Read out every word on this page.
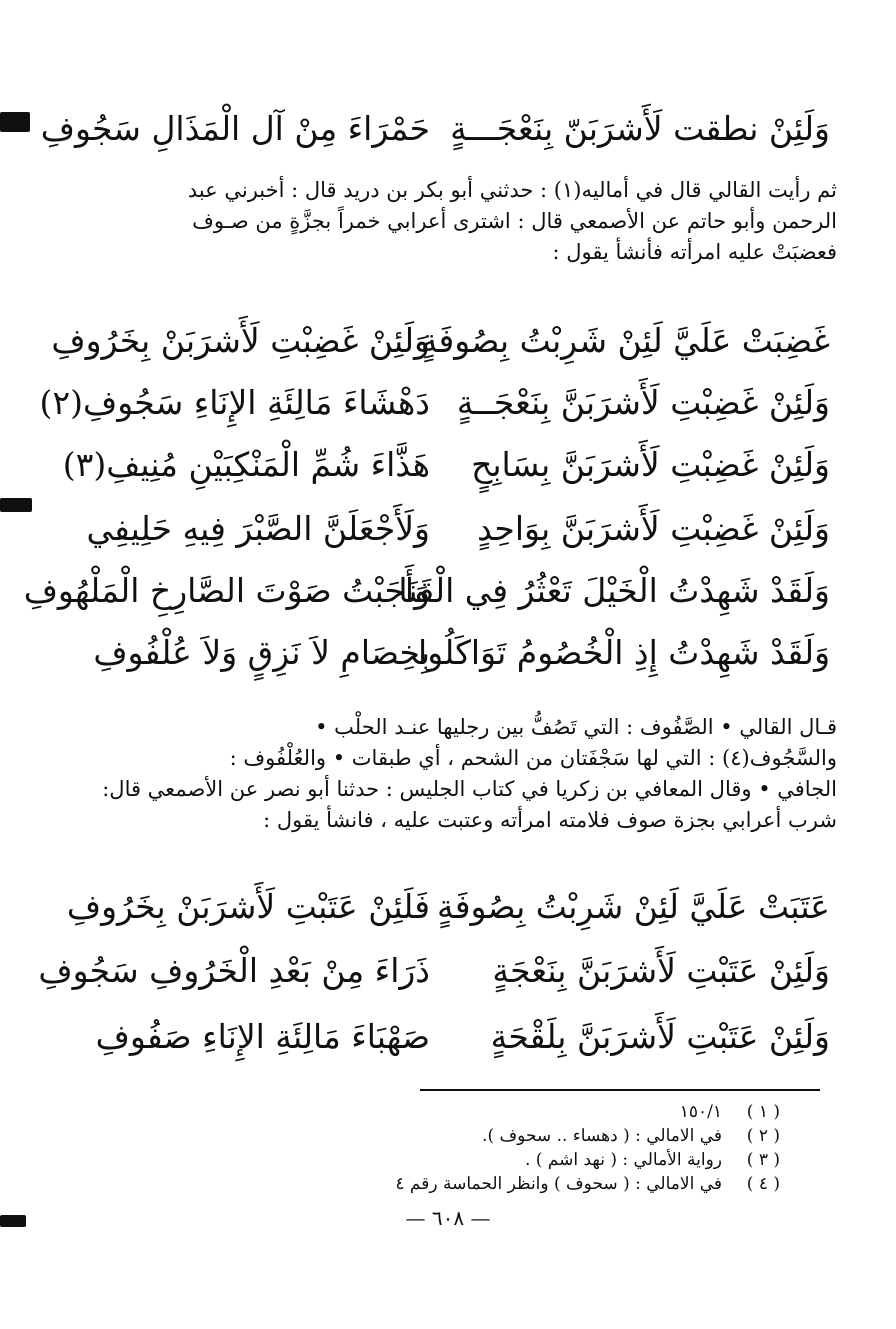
وَلَئِنْ نطقت لَأَشرَبَنّ بِنَعْجَـــةٍ
حَمْرَاءَ مِنْ آل الْمَذَالِ سَجُوفِ

ثم رأيت القالي قال في أماليه(١) : حدثني أبو بكر بن دريد قال : أخبرني عبد

الرحمن وأبو حاتم عن الأصمعي قال : اشترى أعرابي خمراً بجزَّةٍ من صـوف

فعضبَتْ عليه امرأته فأنشأ يقول :

غَضِبَتْ عَلَيَّ لَئِنْ شَرِبْتُ بِصُوفَةٍ
وَلَئِنْ غَضِبْتِ لَأَشرَبَنْ بِخَرُوفِ
وَلَئِنْ غَضِبْتِ لَأَشرَبَنَّ بِنَعْجَــةٍ
دَهْشَاءَ مَالِئَةِ الإِنَاءِ سَجُوفِ(٢)
وَلَئِنْ غَضِبْتِ لَأَشرَبَنَّ بِسَابِحٍ
هَذَّاءَ شُمِّ الْمَنْكِبَيْنِ مُنِيفِ(٣)
وَلَئِنْ غَضِبْتِ لَأَشرَبَنَّ بِوَاحِدٍ
وَلَأَجْعَلَنَّ الصَّبْرَ فِيهِ حَلِيفِي
وَلَقَدْ شَهِدْتُ الْخَيْلَ تَعْثُرُ فِي الْقَنَا
وَأَجَبْتُ صَوْتَ الصَّارِخِ الْمَلْهُوفِ
وَلَقَدْ شَهِدْتُ إِذِ الْخُصُومُ تَوَاكَلُوا
بِخِصَامِ لاَ نَزِقٍ وَلاَ عُلْفُوفِ

قـال القالي • الصَّفُوف : التي تَصُفُّ بين رجليها عنـد الحلْب •

والسَّجُوف(٤) : التي لها سَجْفَتان من الشحم ، أي طبقات • والعُلْفُوف :

الجافي • وقال المعافي بن زكريا في كتاب الجليس : حدثنا أبو نصر عن الأصمعي قال:

شرب أعرابي بجزة صوف فلامته امرأته وعتبت عليه ، فانشأ يقول :

عَتَبَتْ عَلَيَّ لَئِنْ شَرِبْتُ بِصُوفَةٍ
فَلَئِنْ عَتَبْتِ لَأَشرَبَنْ بِخَرُوفِ
وَلَئِنْ عَتَبْتِ لَأَشرَبَنَّ بِنَعْجَةٍ
ذَرَاءَ مِنْ بَعْدِ الْخَرُوفِ سَجُوفِ
وَلَئِنْ عَتَبْتِ لَأَشرَبَنَّ بِلَقْحَةٍ
صَهْبَاءَ مَالِئَةِ الإِنَاءِ صَفُوفِ
( ١ )
١٥٠/١
( ٢ )
في الامالي : ( دهساء .. سحوف ).
( ٣ )
رواية الأمالي : ( نهد اشم ) .
( ٤ )
في الامالي : ( سحوف ) وانظر الحماسة رقم ٤
— ٦٠٨ —
